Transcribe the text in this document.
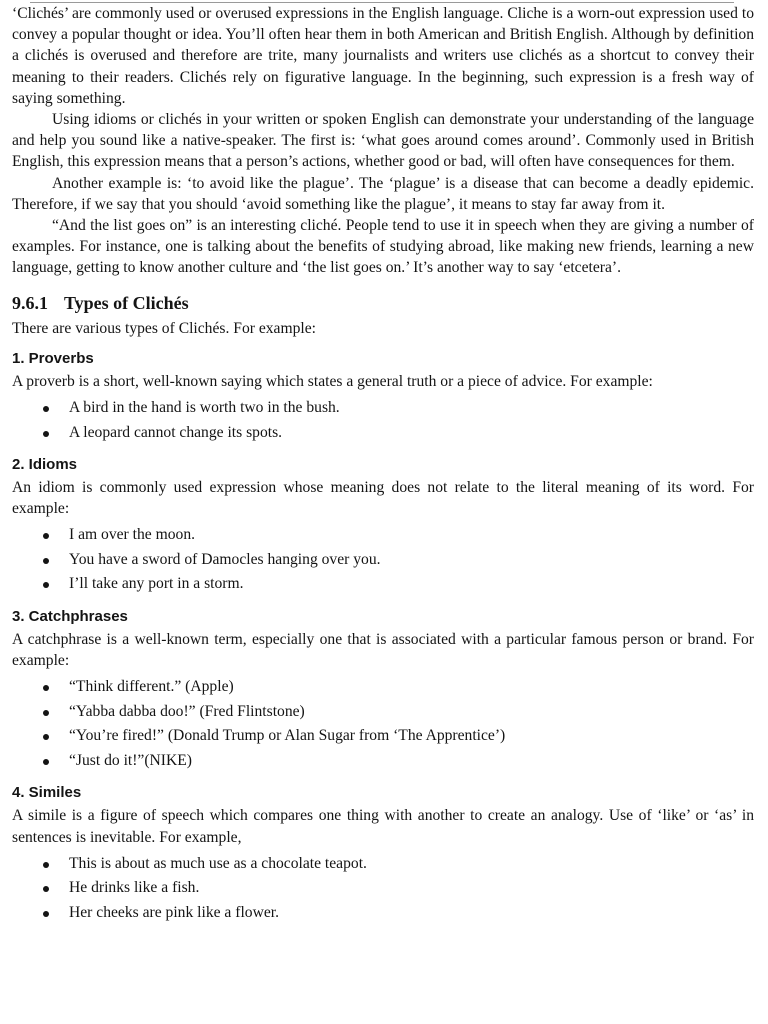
‘Clichés’ are commonly used or overused expressions in the English language. Cliche is a worn-out expression used to convey a popular thought or idea. You’ll often hear them in both American and British English. Although by definition a clichés is overused and therefore are trite, many journalists and writers use clichés as a shortcut to convey their meaning to their readers. Clichés rely on figurative language. In the beginning, such expression is a fresh way of saying something.

Using idioms or clichés in your written or spoken English can demonstrate your understanding of the language and help you sound like a native-speaker. The first is: ‘what goes around comes around’. Commonly used in British English, this expression means that a person’s actions, whether good or bad, will often have consequences for them.

Another example is: ‘to avoid like the plague’. The ‘plague’ is a disease that can become a deadly epidemic. Therefore, if we say that you should ‘avoid something like the plague’, it means to stay far away from it.

“And the list goes on” is an interesting cliché. People tend to use it in speech when they are giving a number of examples. For instance, one is talking about the benefits of studying abroad, like making new friends, learning a new language, getting to know another culture and ‘the list goes on.’ It’s another way to say ‘etcetera’.

9.6.1 Types of Clichés

There are various types of Clichés. For example:

1. Proverbs

A proverb is a short, well-known saying which states a general truth or a piece of advice. For example:

A bird in the hand is worth two in the bush.
A leopard cannot change its spots.
2. Idioms

An idiom is commonly used expression whose meaning does not relate to the literal meaning of its word. For example:

I am over the moon.
You have a sword of Damocles hanging over you.
I’ll take any port in a storm.
3. Catchphrases

A catchphrase is a well-known term, especially one that is associated with a particular famous person or brand. For example:

“Think different.” (Apple)
“Yabba dabba doo!” (Fred Flintstone)
“You’re fired!” (Donald Trump or Alan Sugar from ‘The Apprentice’)
“Just do it!”(NIKE)
4. Similes

A simile is a figure of speech which compares one thing with another to create an analogy. Use of ‘like’ or ‘as’ in sentences is inevitable. For example,

This is about as much use as a chocolate teapot.
He drinks like a fish.
Her cheeks are pink like a flower.
